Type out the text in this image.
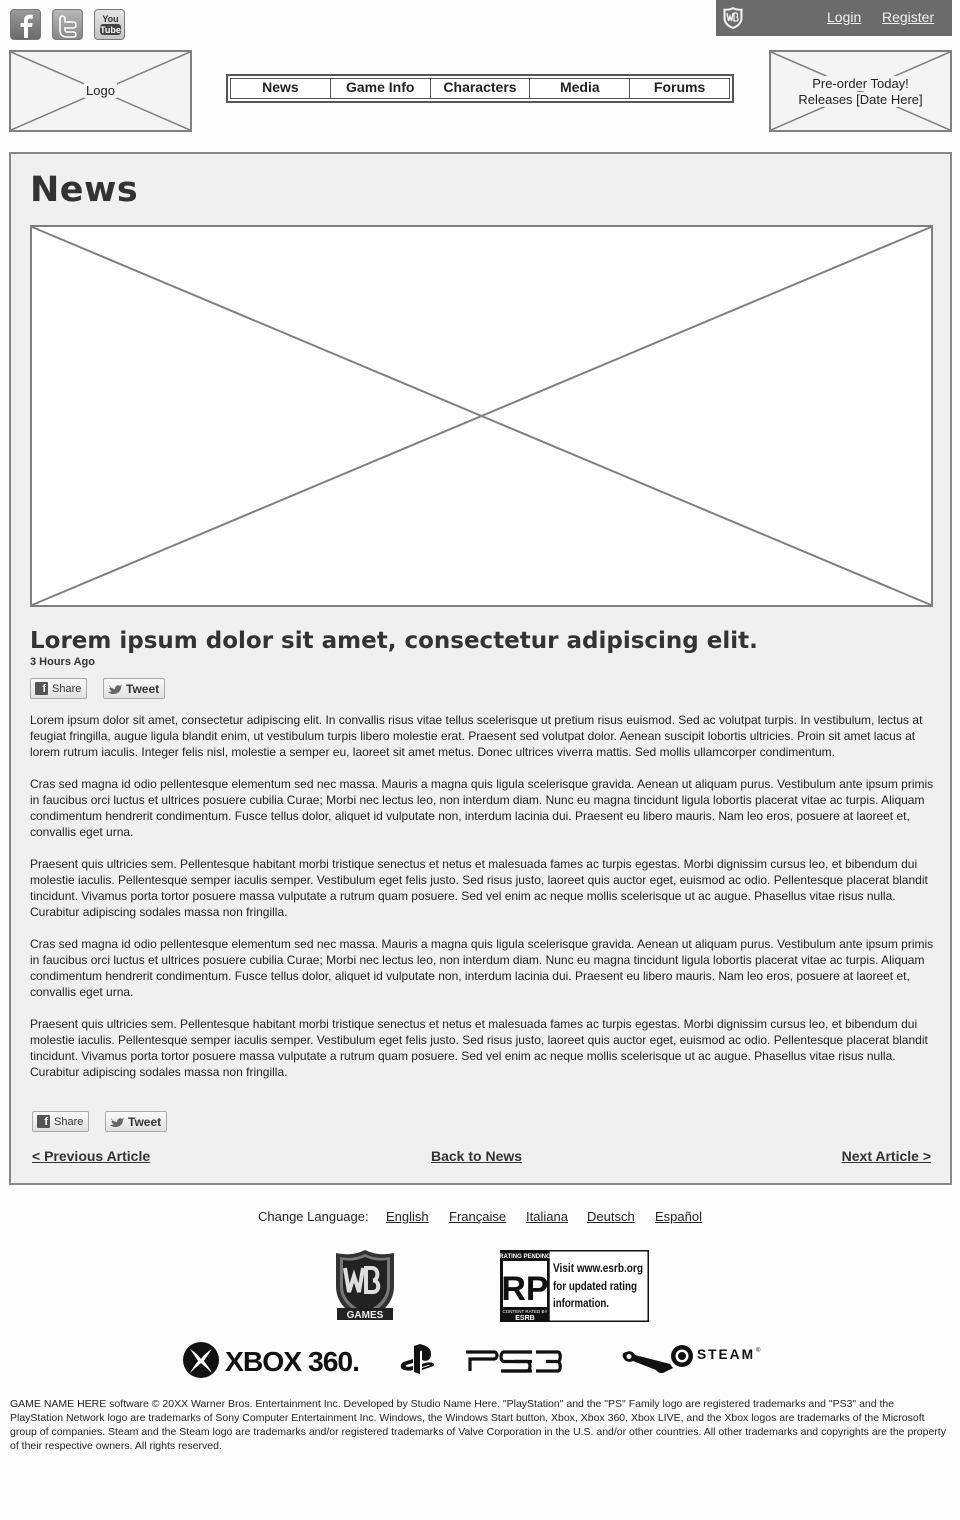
You
Tube
Login Register
Logo	News	Game Info	Characters	Media	Forums	Pre-order Today!
Releases [Date Here]
News
Lorem ipsum dolor sit amet, consectetur adipiscing elit.
3 Hours Ago
f Share	Tweet

Lorem ipsum dolor sit amet, consectetur adipiscing elit. In convallis risus vitae tellus scelerisque ut pretium risus euismod. Sed ac volutpat turpis. In vestibulum, lectus at feugiat fringilla, augue ligula blandit enim, ut vestibulum turpis libero molestie erat. Praesent sed volutpat dolor. Aenean suscipit lobortis ultricies. Proin sit amet lacus at lorem rutrum iaculis. Integer felis nisl, molestie a semper eu, laoreet sit amet metus. Donec ultrices viverra mattis. Sed mollis ullamcorper condimentum.

Cras sed magna id odio pellentesque elementum sed nec massa. Mauris a magna quis ligula scelerisque gravida. Aenean ut aliquam purus. Vestibulum ante ipsum primis in faucibus orci luctus et ultrices posuere cubilia Curae; Morbi nec lectus leo, non interdum diam. Nunc eu magna tincidunt ligula lobortis placerat vitae ac turpis. Aliquam condimentum hendrerit condimentum. Fusce tellus dolor, aliquet id vulputate non, interdum lacinia dui. Praesent eu libero mauris. Nam leo eros, posuere at laoreet et, convallis eget urna.

Praesent quis ultricies sem. Pellentesque habitant morbi tristique senectus et netus et malesuada fames ac turpis egestas. Morbi dignissim cursus leo, et bibendum dui molestie iaculis. Pellentesque semper iaculis semper. Vestibulum eget felis justo. Sed risus justo, laoreet quis auctor eget, euismod ac odio. Pellentesque placerat blandit tincidunt. Vivamus porta tortor posuere massa vulputate a rutrum quam posuere. Sed vel enim ac neque mollis scelerisque ut ac augue. Phasellus vitae risus nulla. Curabitur adipiscing sodales massa non fringilla.

Cras sed magna id odio pellentesque elementum sed nec massa. Mauris a magna quis ligula scelerisque gravida. Aenean ut aliquam purus. Vestibulum ante ipsum primis in faucibus orci luctus et ultrices posuere cubilia Curae; Morbi nec lectus leo, non interdum diam. Nunc eu magna tincidunt ligula lobortis placerat vitae ac turpis. Aliquam condimentum hendrerit condimentum. Fusce tellus dolor, aliquet id vulputate non, interdum lacinia dui. Praesent eu libero mauris. Nam leo eros, posuere at laoreet et, convallis eget urna.

Praesent quis ultricies sem. Pellentesque habitant morbi tristique senectus et netus et malesuada fames ac turpis egestas. Morbi dignissim cursus leo, et bibendum dui molestie iaculis. Pellentesque semper iaculis semper. Vestibulum eget felis justo. Sed risus justo, laoreet quis auctor eget, euismod ac odio. Pellentesque placerat blandit tincidunt. Vivamus porta tortor posuere massa vulputate a rutrum quam posuere. Sed vel enim ac neque mollis scelerisque ut ac augue. Phasellus vitae risus nulla. Curabitur adipiscing sodales massa non fringilla.

f Share	Tweet
< Previous Article	Back to News	Next Article >
Change Language: English Française Italiana Deutsch Español
GAMES
RATING PENDING
RP
CONTENT RATED BY
ESRB
Visit www.esrb.org
for updated rating
information.
XBOX 360.	PS3	STEAM ®
GAME NAME HERE software © 20XX Warner Bros. Entertainment Inc. Developed by Studio Name Here. "PlayStation" and the "PS" Family logo are registered trademarks and "PS3" and the PlayStation Network logo are trademarks of Sony Computer Entertainment Inc. Windows, the Windows Start button, Xbox, Xbox 360, Xbox LIVE, and the Xbox logos are trademarks of the Microsoft group of companies. Steam and the Steam logo are trademarks and/or registered trademarks of Valve Corporation in the U.S. and/or other countries. All other trademarks and copyrights are the property of their respective owners. All rights reserved.
